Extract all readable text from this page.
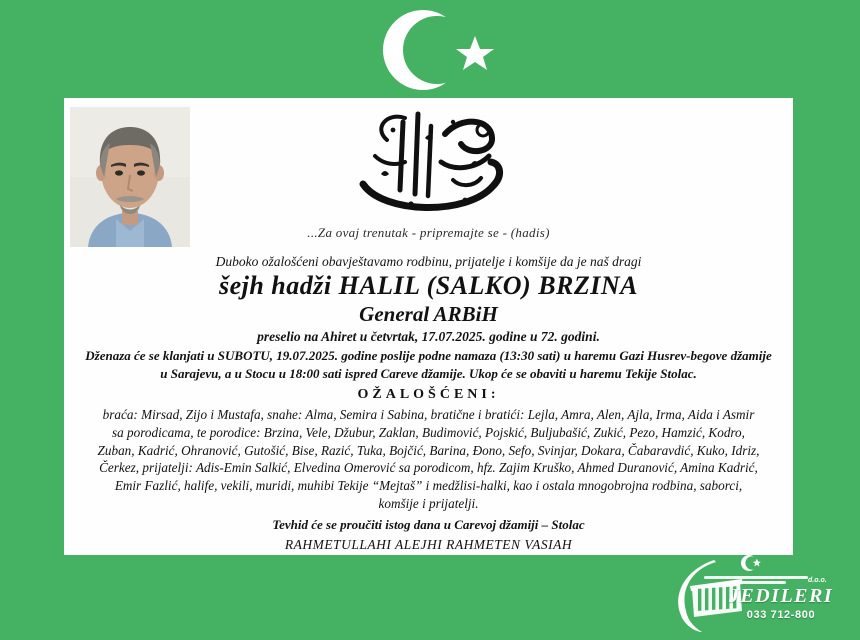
...Za ovaj trenutak - pripremajte se - (hadis)
Duboko ožalošćeni obavještavamo rodbinu, prijatelje i komšije da je naš dragi
šejh hadži HALIL (SALKO) BRZINA
General ARBiH
preselio na Ahiret u četvrtak, 17.07.2025. godine u 72. godini.
Dženaza će se klanjati u SUBOTU, 19.07.2025. godine poslije podne namaza (13:30 sati) u haremu Gazi Husrev-begove džamije
u Sarajevu, a u Stocu u 18:00 sati ispred Careve džamije. Ukop će se obaviti u haremu Tekije Stolac.
OŽALOŠĆENI:
braća: Mirsad, Zijo i Mustafa, snahe: Alma, Semira i Sabina, bratične i bratići: Lejla, Amra, Alen, Ajla, Irma, Aida i Asmir
sa porodicama, te porodice: Brzina, Vele, Džubur, Zaklan, Budimović, Pojskić, Buljubašić, Zukić, Pezo, Hamzić, Kodro,
Zuban, Kadrić, Ohranović, Gutošić, Bise, Razić, Tuka, Bojčić, Barina, Đono, Sefo, Svinjar, Dokara, Čabaravdić, Kuko, Idriz,
Čerkez, prijatelji: Adis-Emin Salkić, Elvedina Omerović sa porodicom, hfz. Zajim Kruško, Ahmed Duranović, Amina Kadrić,
Emir Fazlić, halife, vekili, muridi, muhibi Tekije “Mejtaš” i medžlisi-halki, kao i ostala mnogobrojna rodbina, saborci,
komšije i prijatelji.
Tevhid će se proučiti istog dana u Carevoj džamiji – Stolac
RAHMETULLAHI ALEJHI RAHMETEN VASIAH
d.o.o.
JEDILERI
033 712-800
